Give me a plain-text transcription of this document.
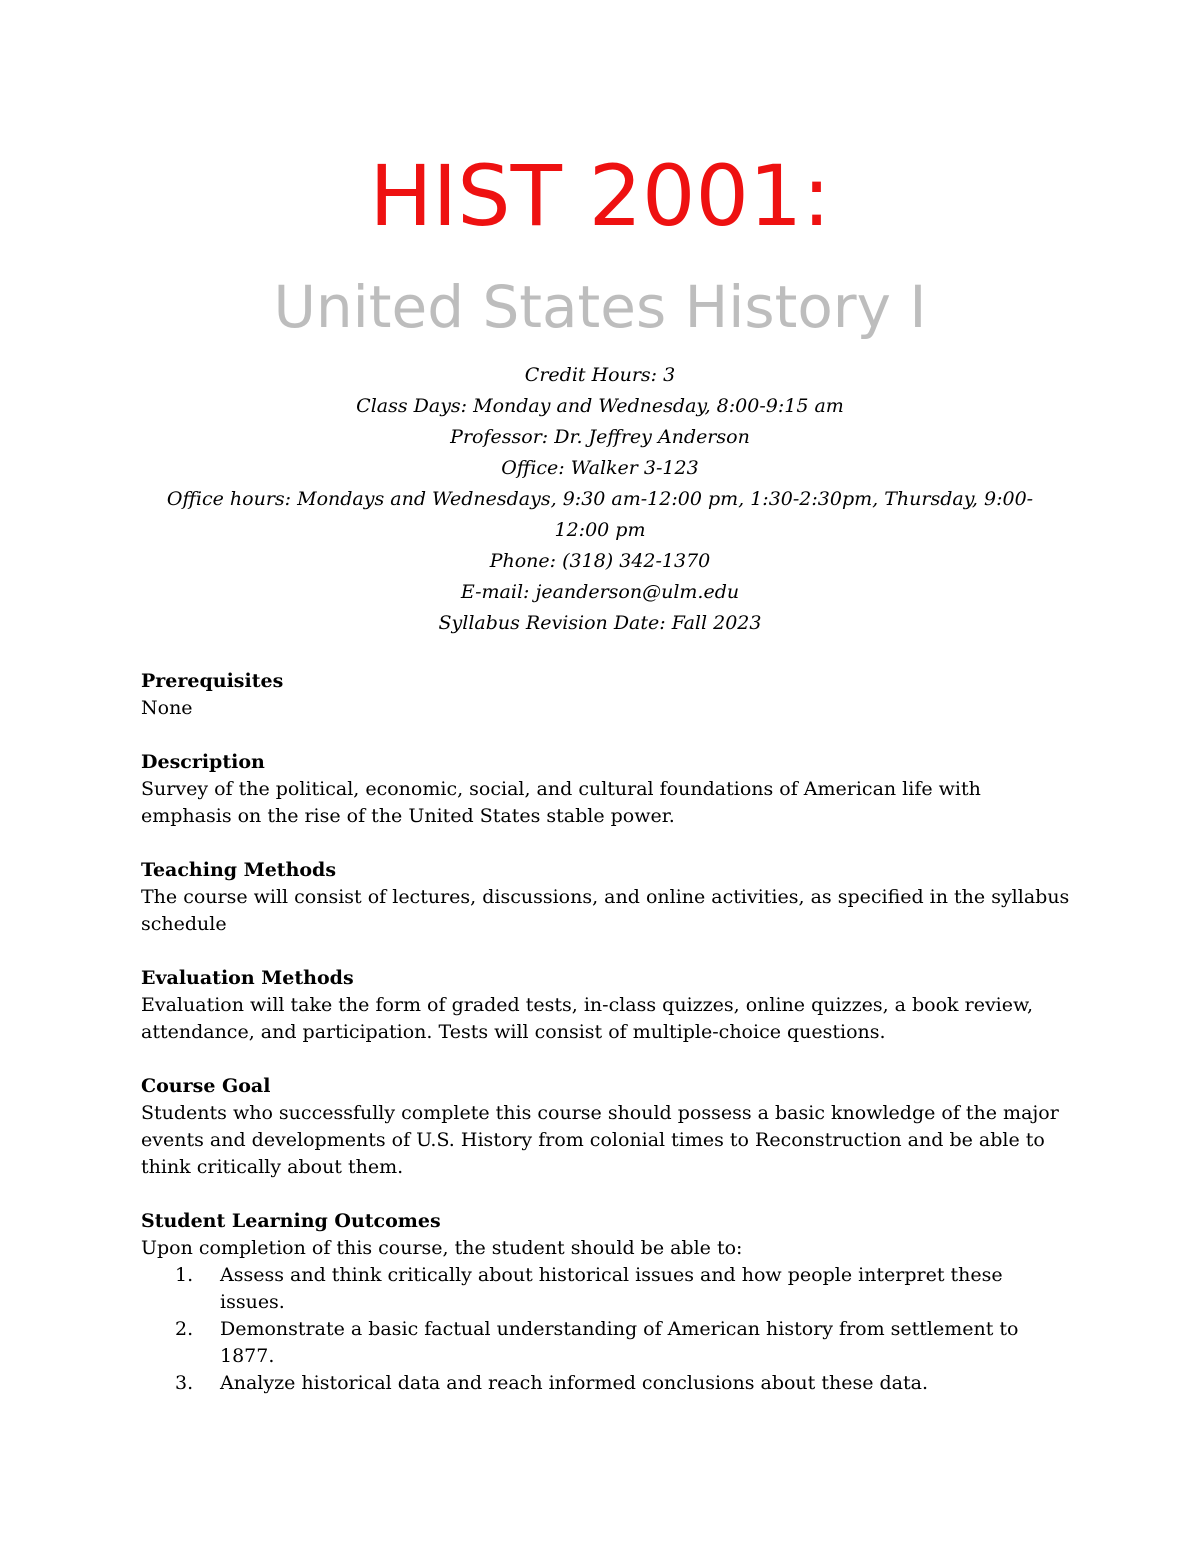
HIST 2001:
United States History I
Credit Hours: 3
Class Days: Monday and Wednesday, 8:00-9:15 am
Professor: Dr. Jeffrey Anderson
Office: Walker 3-123
Office hours: Mondays and Wednesdays, 9:30 am-12:00 pm, 1:30-2:30pm, Thursday, 9:00-
12:00 pm
Phone: (318) 342-1370
E-mail: jeanderson@ulm.edu
Syllabus Revision Date: Fall 2023
Prerequisites

None

Description

Survey of the political, economic, social, and cultural foundations of American life with emphasis on the rise of the United States stable power.

Teaching Methods

The course will consist of lectures, discussions, and online activities, as specified in the syllabus schedule

Evaluation Methods

Evaluation will take the form of graded tests, in-class quizzes, online quizzes, a book review, attendance, and participation. Tests will consist of multiple-choice questions.

Course Goal

Students who successfully complete this course should possess a basic knowledge of the major events and developments of U.S. History from colonial times to Reconstruction and be able to think critically about them.

Student Learning Outcomes

Upon completion of this course, the student should be able to:

1. Assess and think critically about historical issues and how people interpret these issues.
2. Demonstrate a basic factual understanding of American history from settlement to 1877.
3. Analyze historical data and reach informed conclusions about these data.
